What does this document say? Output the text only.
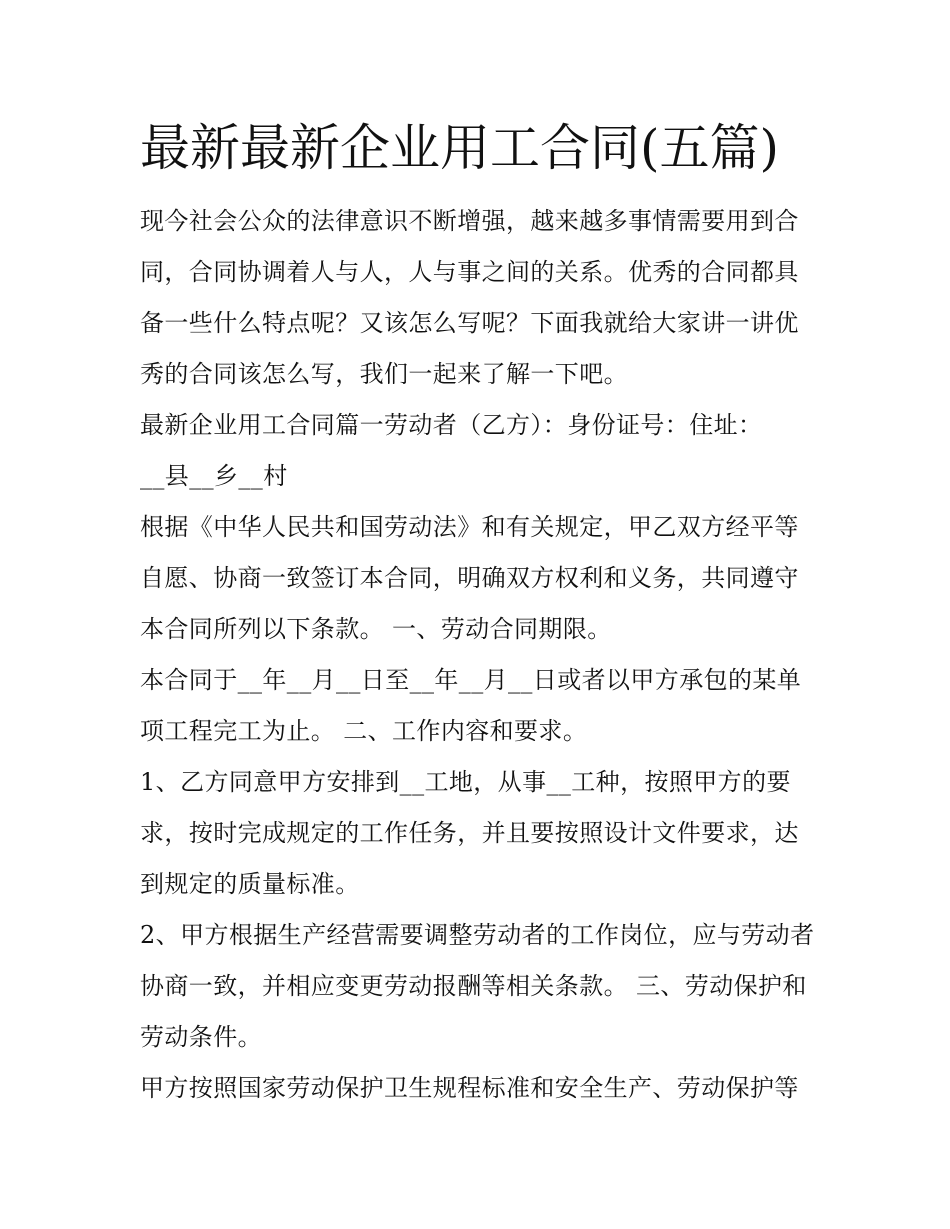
最新最新企业用工合同(五篇)

现今社会公众的法律意识不断增强，越来越多事情需要用到合同，合同协调着人与人，人与事之间的关系。优秀的合同都具备一些什么特点呢？又该怎么写呢？下面我就给大家讲一讲优秀的合同该怎么写，我们一起来了解一下吧。

最新企业用工合同篇一劳动者（乙方）：身份证号：住址：

__县__乡__村

根据《中华人民共和国劳动法》和有关规定，甲乙双方经平等自愿、协商一致签订本合同，明确双方权利和义务，共同遵守本合同所列以下条款。 一、劳动合同期限。

本合同于__年__月__日至__年__月__日或者以甲方承包的某单项工程完工为止。 二、工作内容和要求。

1、乙方同意甲方安排到__工地，从事__工种，按照甲方的要求，按时完成规定的工作任务，并且要按照设计文件要求，达到规定的质量标准。

2、甲方根据生产经营需要调整劳动者的工作岗位，应与劳动者协商一致，并相应变更劳动报酬等相关条款。 三、劳动保护和劳动条件。

甲方按照国家劳动保护卫生规程标准和安全生产、劳动保护等
